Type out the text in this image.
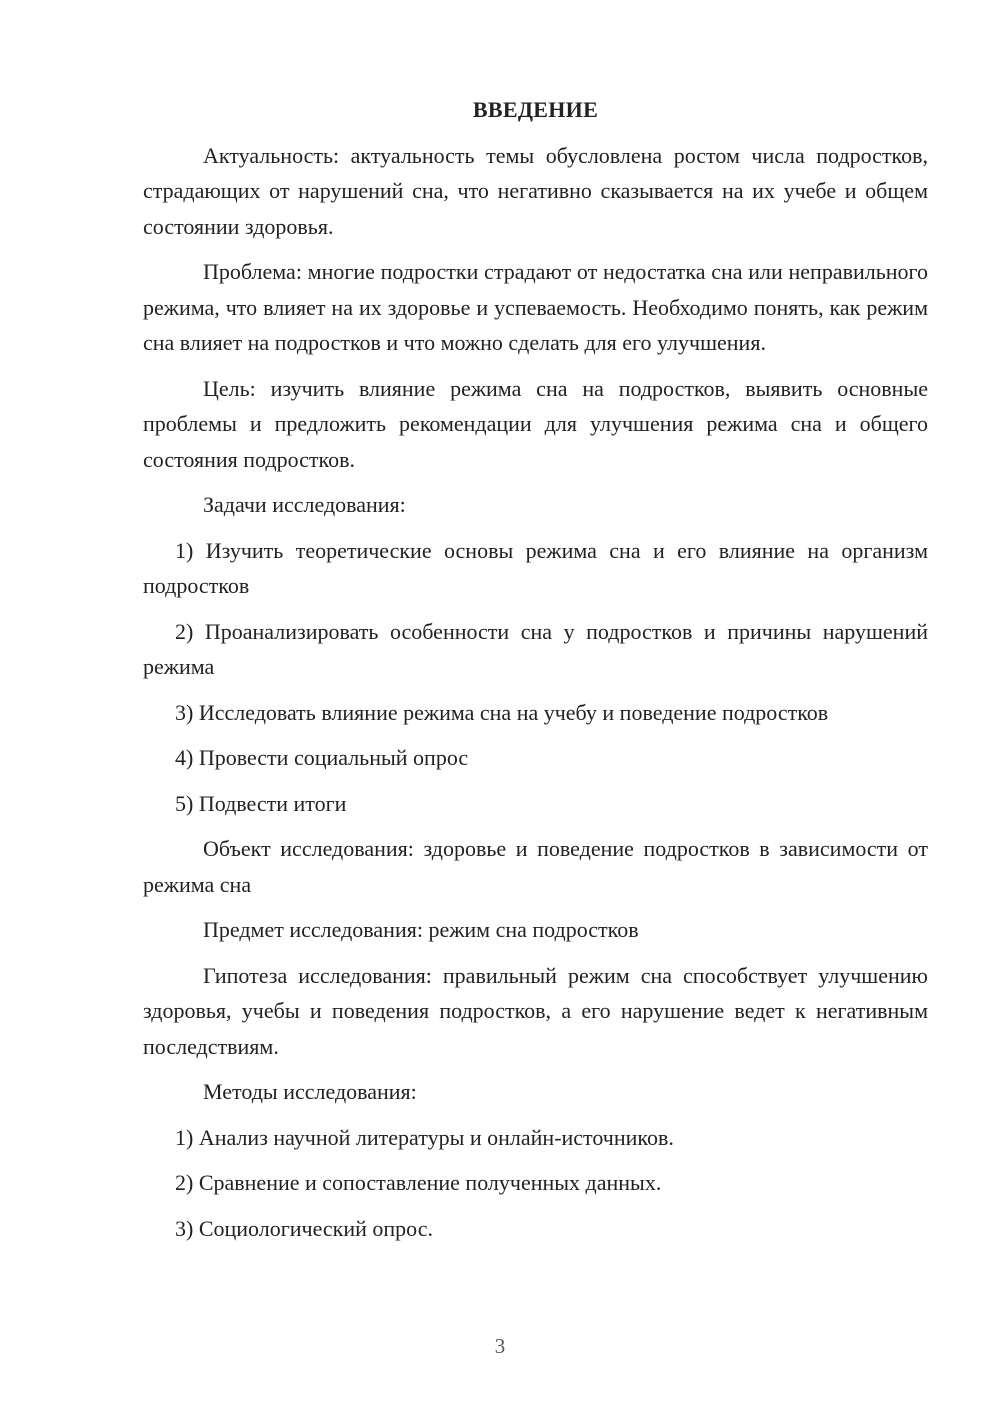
ВВЕДЕНИЕ

Актуальность: актуальность темы обусловлена ростом числа подростков, страдающих от нарушений сна, что негативно сказывается на их учебе и общем состоянии здоровья.

Проблема: многие подростки страдают от недостатка сна или неправильного режима, что влияет на их здоровье и успеваемость. Необходимо понять, как режим сна влияет на подростков и что можно сделать для его улучшения.

Цель: изучить влияние режима сна на подростков, выявить основные проблемы и предложить рекомендации для улучшения режима сна и общего состояния подростков.

Задачи исследования:

1) Изучить теоретические основы режима сна и его влияние на организм подростков

2) Проанализировать особенности сна у подростков и причины нарушений режима

3) Исследовать влияние режима сна на учебу и поведение подростков

4) Провести социальный опрос

5) Подвести итоги

Объект исследования: здоровье и поведение подростков в зависимости от режима сна

Предмет исследования: режим сна подростков

Гипотеза исследования: правильный режим сна способствует улучшению здоровья, учебы и поведения подростков, а его нарушение ведет к негативным последствиям.

Методы исследования:

1) Анализ научной литературы и онлайн-источников.

2) Сравнение и сопоставление полученных данных.

3) Социологический опрос.

3
